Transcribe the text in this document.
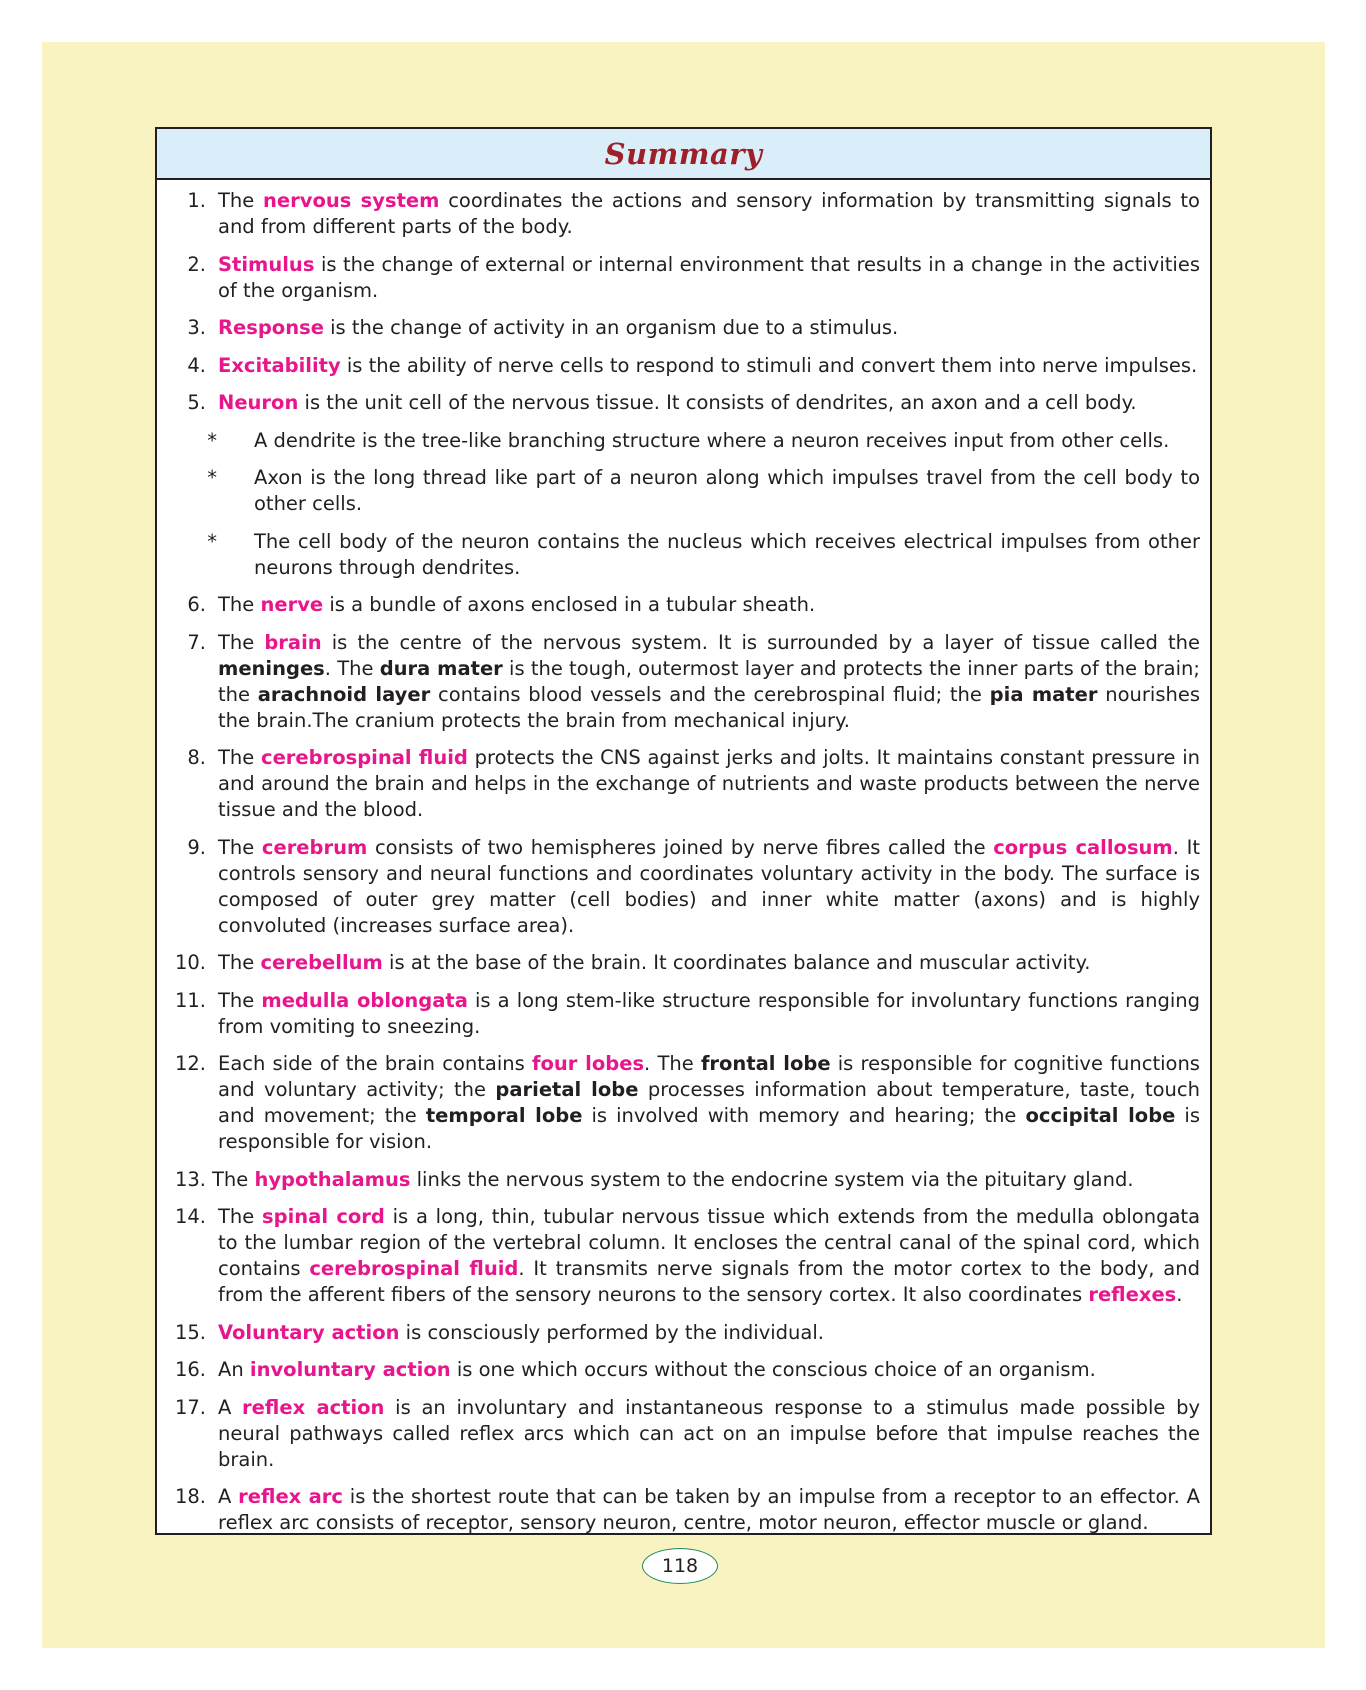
Summary
1. The nervous system coordinates the actions and sensory information by transmitting signals to and from different parts of the body.
2. Stimulus is the change of external or internal environment that results in a change in the activities of the organism.
3. Response is the change of activity in an organism due to a stimulus.
4. Excitability is the ability of nerve cells to respond to stimuli and convert them into nerve impulses.
5. Neuron is the unit cell of the nervous tissue. It consists of dendrites, an axon and a cell body.
*	A dendrite is the tree-like branching structure where a neuron receives input from other cells.
*	Axon is the long thread like part of a neuron along which impulses travel from the cell body to other cells.
*	The cell body of the neuron contains the nucleus which receives electrical impulses from other neurons through dendrites.
6. The nerve is a bundle of axons enclosed in a tubular sheath.
7. The brain is the centre of the nervous system. It is surrounded by a layer of tissue called the meninges. The dura mater is the tough, outermost layer and protects the inner parts of the brain; the arachnoid layer contains blood vessels and the cerebrospinal fluid; the pia mater nourishes the brain.The cranium protects the brain from mechanical injury.
8. The cerebrospinal fluid protects the CNS against jerks and jolts. It maintains constant pressure in and around the brain and helps in the exchange of nutrients and waste products between the nerve tissue and the blood.
9. The cerebrum consists of two hemispheres joined by nerve fibres called the corpus callosum. It controls sensory and neural functions and coordinates voluntary activity in the body. The surface is composed of outer grey matter (cell bodies) and inner white matter (axons) and is highly convoluted (increases surface area).
10. The cerebellum is at the base of the brain. It coordinates balance and muscular activity.
11. The medulla oblongata is a long stem-like structure responsible for involuntary functions ranging from vomiting to sneezing.
12. Each side of the brain contains four lobes. The frontal lobe is responsible for cognitive functions and voluntary activity; the parietal lobe processes information about temperature, taste, touch and movement; the temporal lobe is involved with memory and hearing; the occipital lobe is responsible for vision.
13. The hypothalamus links the nervous system to the endocrine system via the pituitary gland.
14. The spinal cord is a long, thin, tubular nervous tissue which extends from the medulla oblongata to the lumbar region of the vertebral column. It encloses the central canal of the spinal cord, which contains cerebrospinal fluid. It transmits nerve signals from the motor cortex to the body, and from the afferent fibers of the sensory neurons to the sensory cortex. It also coordinates reflexes.
15. Voluntary action is consciously performed by the individual.
16. An involuntary action is one which occurs without the conscious choice of an organism.
17. A reflex action is an involuntary and instantaneous response to a stimulus made possible by neural pathways called reflex arcs which can act on an impulse before that impulse reaches the brain.
18. A reflex arc is the shortest route that can be taken by an impulse from a receptor to an effector. A reflex arc consists of receptor, sensory neuron, centre, motor neuron, effector muscle or gland.
118
